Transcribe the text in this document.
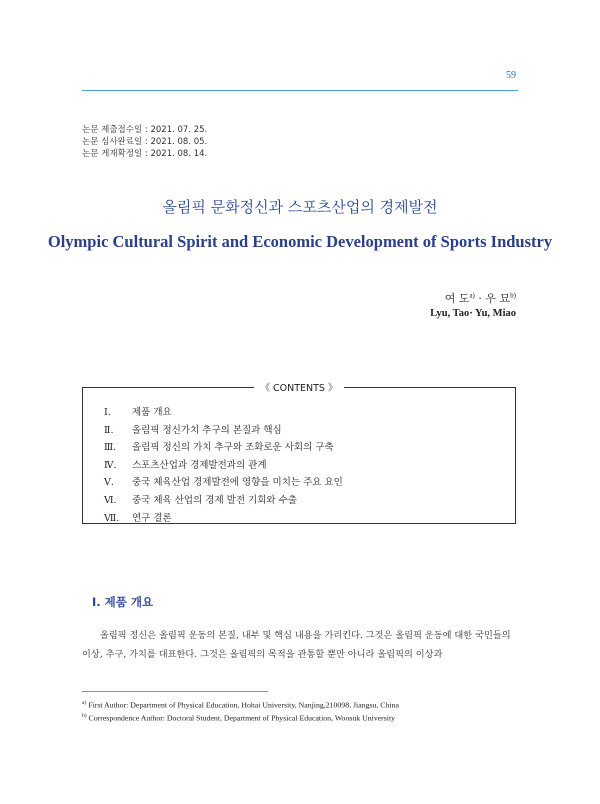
59
논문 제출접수일 : 2021. 07. 25.
논문 심사완료일 : 2021. 08. 05.
논문 게재확정일 : 2021. 08. 14.
올림픽 문화정신과 스포츠산업의 경제발전
Olympic Cultural Spirit and Economic Development of Sports Industry
여 도$^{a)}$ · 우 묘$^{b)}$
Lyu, Tao· Yu, Miao
《 CONTENTS 》
Ⅰ. 제품 개요
Ⅱ. 올림픽 정신가치 추구의 본질과 핵심
Ⅲ. 올림픽 정신의 가치 추구와 조화로운 사회의 구축
Ⅳ. 스포츠산업과 경제발전과의 관계
Ⅴ. 중국 체육산업 경제발전에 영향을 미치는 주요 요인
Ⅵ. 중국 체육 산업의 경제 발전 기회와 수출
Ⅶ. 연구 결론
Ⅰ. 제품 개요

올림픽 정신은 올림픽 운동의 본질, 내부 및 핵심 내용을 가리킨다. 그것은 올림픽 운동에 대한 국민들의 이상, 추구, 가치를 대표한다. 그것은 올림픽의 목적을 관통할 뿐만 아니라 올림픽의 이상과

$^{a)}$ First Author: Department of Physical Education, Hohai University, Nanjing,210098, Jiangsu, China
$^{b)}$ Correspondence Author: Doctoral Student, Department of Physical Education, Woosuk University
